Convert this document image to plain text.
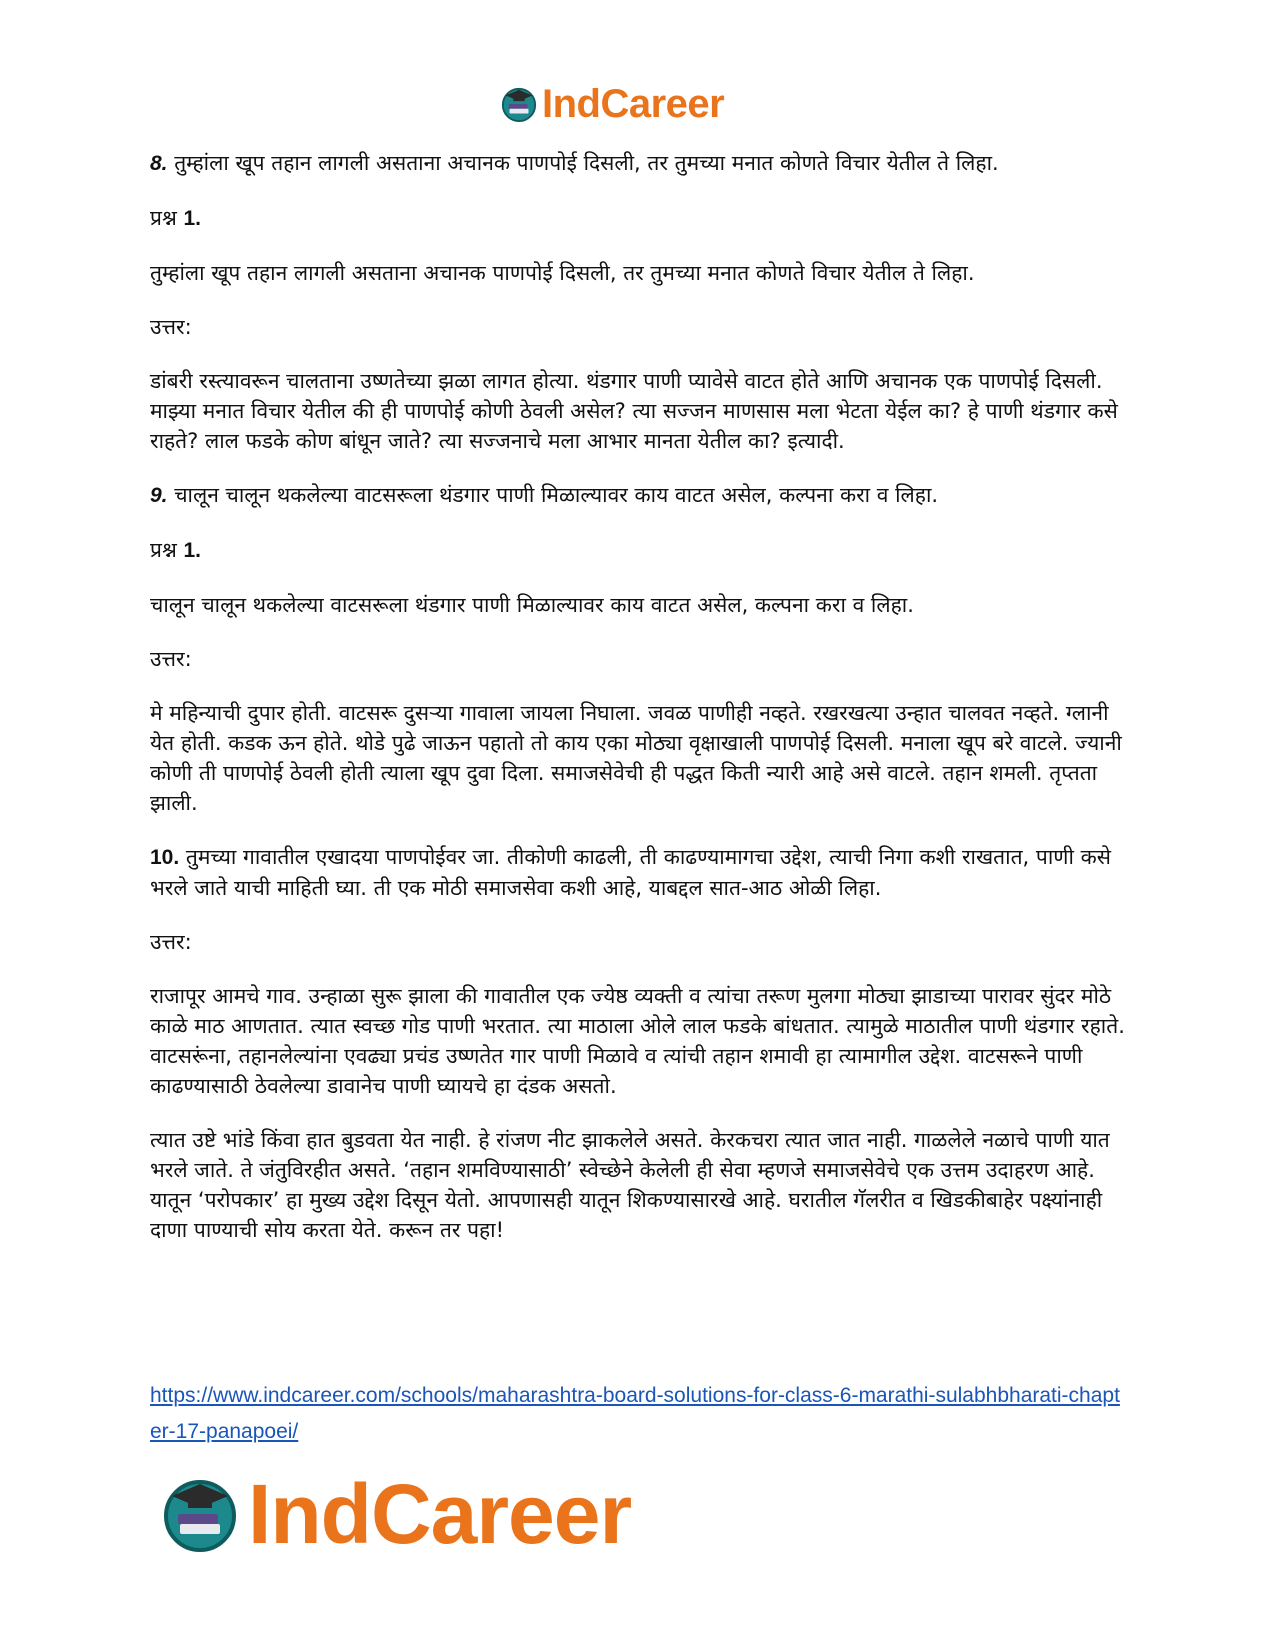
IndCareer

8. तुम्हांला खूप तहान लागली असताना अचानक पाणपोई दिसली, तर तुमच्या मनात कोणते विचार येतील ते लिहा.

प्रश्न 1.

तुम्हांला खूप तहान लागली असताना अचानक पाणपोई दिसली, तर तुमच्या मनात कोणते विचार येतील ते लिहा.

उत्तर:

डांबरी रस्त्यावरून चालताना उष्णतेच्या झळा लागत होत्या. थंडगार पाणी प्यावेसे वाटत होते आणि अचानक एक पाणपोई दिसली. माझ्या मनात विचार येतील की ही पाणपोई कोणी ठेवली असेल? त्या सज्जन माणसास मला भेटता येईल का? हे पाणी थंडगार कसे राहते? लाल फडके कोण बांधून जाते? त्या सज्जनाचे मला आभार मानता येतील का? इत्यादी.

9. चालून चालून थकलेल्या वाटसरूला थंडगार पाणी मिळाल्यावर काय वाटत असेल, कल्पना करा व लिहा.

प्रश्न 1.

चालून चालून थकलेल्या वाटसरूला थंडगार पाणी मिळाल्यावर काय वाटत असेल, कल्पना करा व लिहा.

उत्तर:

मे महिन्याची दुपार होती. वाटसरू दुसऱ्या गावाला जायला निघाला. जवळ पाणीही नव्हते. रखरखत्या उन्हात चालवत नव्हते. ग्लानी येत होती. कडक ऊन होते. थोडे पुढे जाऊन पहातो तो काय एका मोठ्या वृक्षाखाली पाणपोई दिसली. मनाला खूप बरे वाटले. ज्यानी कोणी ती पाणपोई ठेवली होती त्याला खूप दुवा दिला. समाजसेवेची ही पद्धत किती न्यारी आहे असे वाटले. तहान शमली. तृप्तता झाली.

10. तुमच्या गावातील एखादया पाणपोईवर जा. तीकोणी काढली, ती काढण्यामागचा उद्देश, त्याची निगा कशी राखतात, पाणी कसे भरले जाते याची माहिती घ्या. ती एक मोठी समाजसेवा कशी आहे, याबद्दल सात-आठ ओळी लिहा.

उत्तर:

राजापूर आमचे गाव. उन्हाळा सुरू झाला की गावातील एक ज्येष्ठ व्यक्ती व त्यांचा तरूण मुलगा मोठ्या झाडाच्या पारावर सुंदर मोठे काळे माठ आणतात. त्यात स्वच्छ गोड पाणी भरतात. त्या माठाला ओले लाल फडके बांधतात. त्यामुळे माठातील पाणी थंडगार रहाते. वाटसरूंना, तहानलेल्यांना एवढ्या प्रचंड उष्णतेत गार पाणी मिळावे व त्यांची तहान शमावी हा त्यामागील उद्देश. वाटसरूने पाणी काढण्यासाठी ठेवलेल्या डावानेच पाणी घ्यायचे हा दंडक असतो.

त्यात उष्टे भांडे किंवा हात बुडवता येत नाही. हे रांजण नीट झाकलेले असते. केरकचरा त्यात जात नाही. गाळलेले नळाचे पाणी यात भरले जाते. ते जंतुविरहीत असते. ‘तहान शमविण्यासाठी’ स्वेच्छेने केलेली ही सेवा म्हणजे समाजसेवेचे एक उत्तम उदाहरण आहे. यातून ‘परोपकार’ हा मुख्य उद्देश दिसून येतो. आपणासही यातून शिकण्यासारखे आहे. घरातील गॅलरीत व खिडकीबाहेर पक्ष्यांनाही दाणा पाण्याची सोय करता येते. करून तर पहा!

https://www.indcareer.com/schools/maharashtra-board-solutions-for-class-6-marathi-sulabhbharati-chapter-17-panapoei/
IndCareer
